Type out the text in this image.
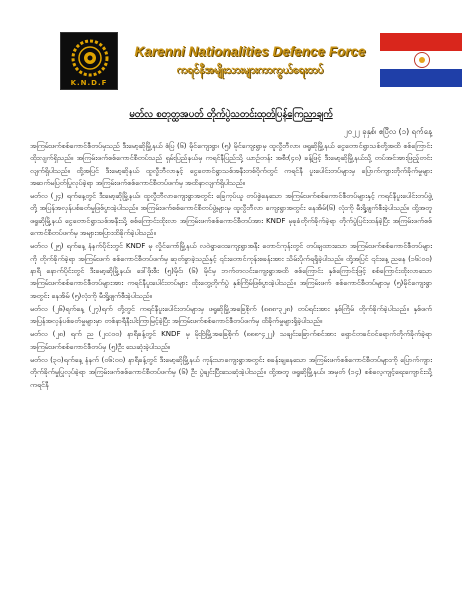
K.N.D.F
Karenni Nationalities Defence Force
ကရင်နီအမျိုးသားများကာကွယ်ရေးတပ်
မတ်လ စတုတ္ထအပတ် တိုက်ပွဲသတင်းထုတ်ပြန်ကြေညာချက်
၂၀၂၂ ခုနှစ်၊ ဧပြီလ (၁) ရက်နေ့

အကြမ်းဖက်စစ်ကောင်စီတပ်မှသည် ဒီးမော့ဆိုမြို့နယ် စံပြ (၆) မိုင်ကျေးရွာ၊ (၅) မိုင်ကျေးရွာမှ ထူလွီဘီလာ၊ ဖရူဆိုမြို့နယ် ငွေတောင်ရွာသစ်တို့အထိ စစ်ကြောင်းထိုးလျက်ရှိသည်။ အကြမ်းဖက်စစ်ကောင်စီတပ်သည် ရှမ်းပြည်နယ်မှ ကရင်နီပြည်သို့ ယာဉ်တန်း အစီး(၄၀) ခန့်ဖြင့် ဒီးမော့ဆိုမြို့နယ်သို့ တပ်အင်အားဖြည့်တင်းလျက်ရှိပါသည်။ ထို့အပြင် ဒီးမော့ဆိုနယ် ထူလွီဘီလာနှင့် ငွေတောင်ရွာသစ်အနီးတစ်ဝိုက်တွင် ကရင်နီ ပူးပေါင်းတပ်များမှ ပြောက်ကျားတိုက်ခိုက်မှုများ အဆက်မပြတ်ပြုလုပ်ခဲ့ရာ အကြမ်းဖက်စစ်ကောင်စီတပ်ဖက်မှ အထိနာလျက်ရှိပါသည်။

မတ်လ (၂၄) ရက်နေ့တွင် ဒီးမော့ဆိုမြို့နယ်၊ ထူလွီဘီလာကျေးရွာအတွင်း ခြေကုပ်ယူ တပ်စွဲနေသော အကြမ်းဖက်စစ်ကောင်စီတပ်များနှင့် ကရင်နီပူးပေါင်းတပ်ဖွဲ့တို့ အပြန်အလှန်ပစ်ခတ်မှုဖြစ်ပွားခဲ့ပါသည်။ အကြမ်းဖက်စစ်ကောင်စီတပ်ဖွဲ့များမှ ထူလွီဘီလာ ကျေးရွာအတွင်း နေအိမ်(၆) လုံးကို မီးရှို့ဖျက်စီးခဲ့ပါသည်။ ထို့အတူ ဖရူဆိုမြို့နယ် ငွေတောင်ရွာသစ်အနီးသို့ စစ်ကြောင်းထိုးလာ အကြမ်းဖက်စစ်ကောင်စီတပ်အား KNDF မှခုခံတိုက်ခိုက်ခဲ့ရာ တိုက်ပွဲပြင်းထန်ခဲ့ပြီး အကြမ်းဖက်စစ်ကောင်စီတပ်ဖက်မှ အများအပြားထိခိုက်ခဲ့ပါသည်။

မတ်လ (၂၅) ရက်နေ့ နံနက်ပိုင်းတွင် KNDF မှ လှိုင်ကော်မြို့နယ် လဝဲရွာဝေးကျေးရွာအနီး တောင်ကုန်းတွင် တပ်ချထားသော အကြမ်းဖက်စစ်ကောင်စီတပ်များကို တိုက်ခိုက်ခဲ့ရာ အကြမ်းဖက် စစ်ကောင်စီတပ်ဖက်မှ ဆုတ်ခွာခဲ့သည်နှင့် ၎င်းတောင်ကုန်းစခန်းအား သိမ်းပိုက်ရရှိခဲ့ပါသည်။ ထို့အပြင် ၎င်းနေ့ ညနေ (၁၆:၀၀) နာရီ နောက်ပိုင်းတွင် ဒီးမော့ဆိုမြို့နယ်၊ ဒေါ်ဖိုးစီး (၅)မိုင်၊ (၆) မိုင်မှ ဘက်တလင်းကျေးရွာအထိ စစ်ကြောင်း နှစ်ကြောင်းဖြင့် စစ်ကြောင်းထိုးလာသော အကြမ်းဖက်စစ်ကောင်စီတပ်များအား ကရင်နီပူးပေါင်းတပ်များ ထိုးတွေ့တိုက်ပွဲ နှစ်ကြိမ်ဖြစ်ပွားခဲ့ပါသည်။ အကြမ်းဖက် စစ်ကောင်စီတပ်များမှ (၅)မိုင်ကျေးရွာအတွင်း နေအိမ် (၅)လုံးကို မီးရှို့ဖျက်စီးခဲ့ပါသည်။

မတ်လ (၂၆)ရက်နေ့ (၂၇)ရက် တို့တွင် ကရင်နီပူးပေါင်းတပ်များမှ ဖရူဆိုမြို့အခြေစိုက် (၈၈၈-၃၂၈) တပ်ရင်းအား နှစ်ကြိမ် တိုက်ခိုက်ခဲ့ပါသည်။ နှစ်ဖက်အပြန်အလှန်ပစ်ခတ်မှုများမှာ တစ်နာရီနီးပါးကြာမြင့်ခဲ့ပြီး အကြမ်းဖက်စစ်ကောင်စီတပ်ဖက်မှ ထိခိုက်မှုများရှိခဲ့ပါသည်။

မတ်လ (၂၈) ရက် ည (၂၀:၀၀) နာရီခန့်တွင် KNDF မှ မိုးဗြဲမြို့အခြေစိုက် (၈၈၈-၄၂၂) သချင်းခြောက်စင်အား ရှောင်တခင်ဝင်ရောက်တိုက်ခိုက်ခဲ့ရာ အကြမ်းဖက်စစ်ကောင်စီတပ်မှ (၅)ဦး သေဆုံးခဲ့ပါသည်။

မတ်လ (၃၀)ရက်နေ့ နံနက် (၀၆:၀၀) နာရီခန့်တွင် ဒီးမော့ဆိုမြို့နယ် ကုန်းသာကျေးရွာအတွင်း စခန်းချနေသော အကြမ်းဖက်စစ်ကောင်စီတပ်များကို ပြောက်ကျားတိုက်ခိုက်မှုပြုလုပ်ခဲ့ရာ အကြမ်းဖက်စစ်ကောင်စီတပ်ဖက်မှ (၆) ဦး ပွဲချင်းပြီးသေဆုံးခဲ့ပါသည်။ ထို့အတူ ဖရူဆိုမြို့နယ်၊ အမှတ် (၁၄) စစ်လေ့ကျင့်ရေးကျောင်းသို့ ကရင်နီ
